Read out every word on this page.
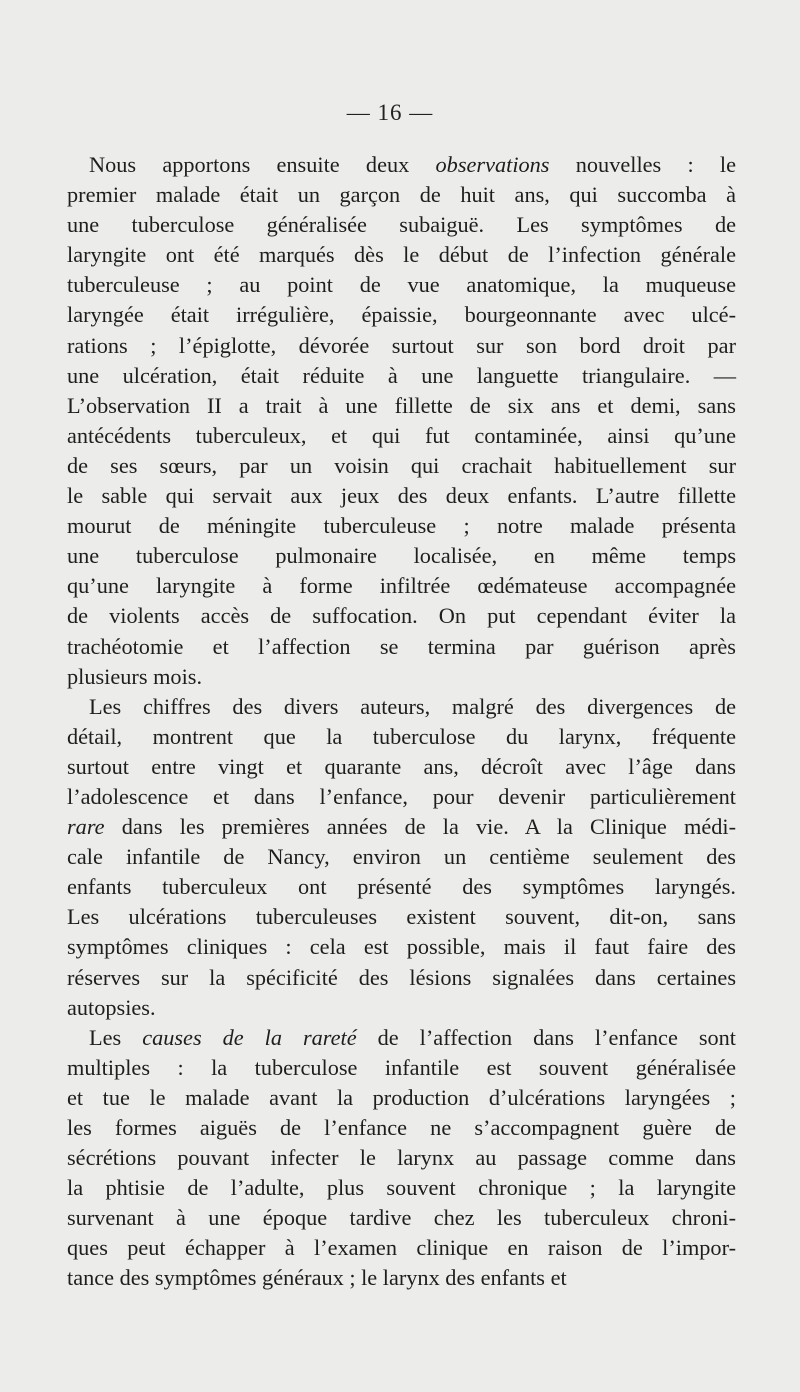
— 16 —
Nous apportons ensuite deux observations nouvelles : le
premier malade était un garçon de huit ans, qui succomba à
une tuberculose généralisée subaiguë. Les symptômes de
laryngite ont été marqués dès le début de l’infection générale
tuberculeuse ; au point de vue anatomique, la muqueuse
laryngée était irrégulière, épaissie, bourgeonnante avec ulcé-
rations ; l’épiglotte, dévorée surtout sur son bord droit par
une ulcération, était réduite à une languette triangulaire. —
L’observation II a trait à une fillette de six ans et demi, sans
antécédents tuberculeux, et qui fut contaminée, ainsi qu’une
de ses sœurs, par un voisin qui crachait habituellement sur
le sable qui servait aux jeux des deux enfants. L’autre fillette
mourut de méningite tuberculeuse ; notre malade présenta
une tuberculose pulmonaire localisée, en même temps
qu’une laryngite à forme infiltrée œdémateuse accompagnée
de violents accès de suffocation. On put cependant éviter la
trachéotomie et l’affection se termina par guérison après
plusieurs mois.
Les chiffres des divers auteurs, malgré des divergences de
détail, montrent que la tuberculose du larynx, fréquente
surtout entre vingt et quarante ans, décroît avec l’âge dans
l’adolescence et dans l’enfance, pour devenir particulièrement
rare dans les premières années de la vie. A la Clinique médi-
cale infantile de Nancy, environ un centième seulement des
enfants tuberculeux ont présenté des symptômes laryngés.
Les ulcérations tuberculeuses existent souvent, dit-on, sans
symptômes cliniques : cela est possible, mais il faut faire des
réserves sur la spécificité des lésions signalées dans certaines
autopsies.
Les causes de la rareté de l’affection dans l’enfance sont
multiples : la tuberculose infantile est souvent généralisée
et tue le malade avant la production d’ulcérations laryngées ;
les formes aiguës de l’enfance ne s’accompagnent guère de
sécrétions pouvant infecter le larynx au passage comme dans
la phtisie de l’adulte, plus souvent chronique ; la laryngite
survenant à une époque tardive chez les tuberculeux chroni-
ques peut échapper à l’examen clinique en raison de l’impor-
tance des symptômes généraux ; le larynx des enfants et
